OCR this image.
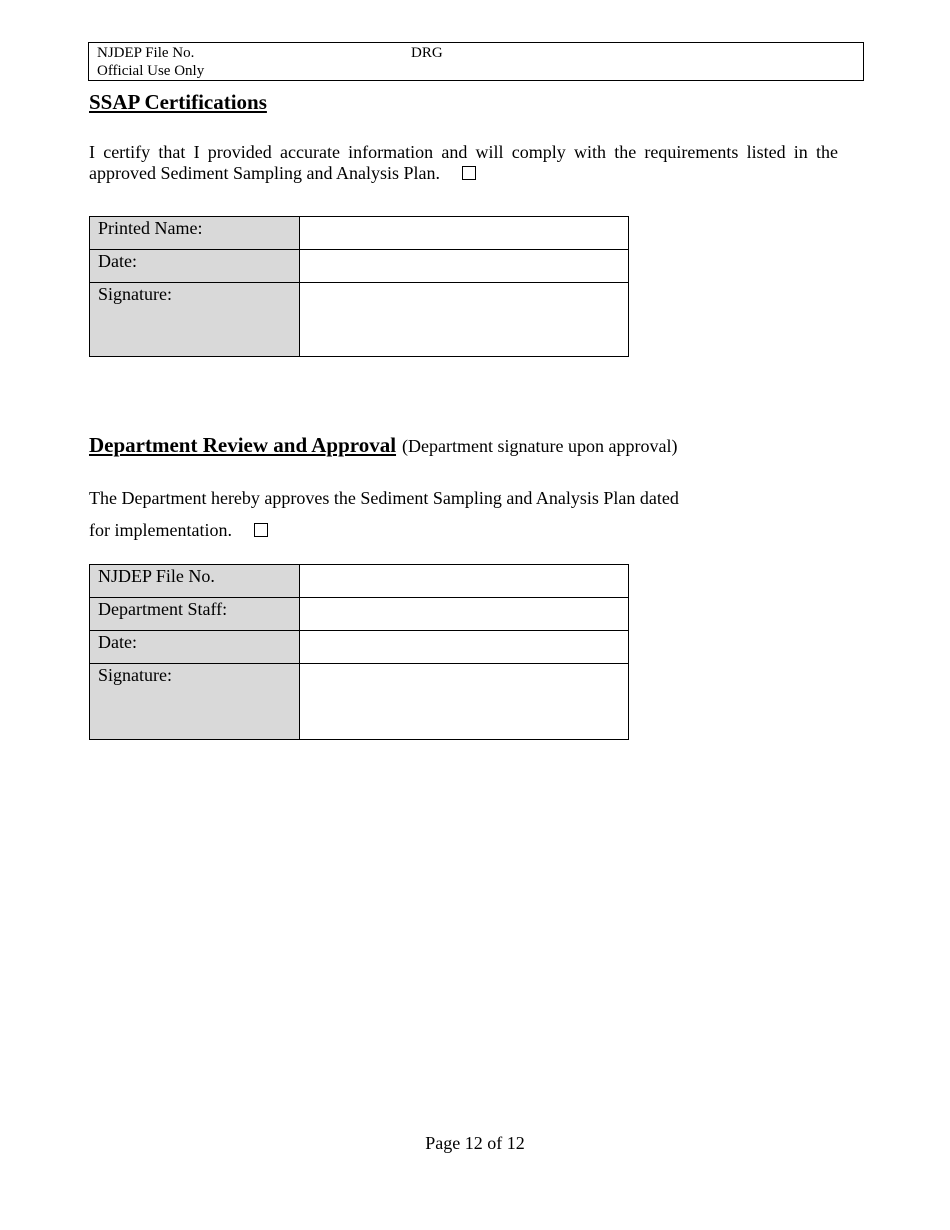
NJDEP File No.
Official Use Only
DRG
SSAP Certifications
I certify that I provided accurate information and will comply with the requirements listed in the approved Sediment Sampling and Analysis Plan.
Printed Name:	
Date:	
Signature:	
Department Review and Approval (Department signature upon approval)
The Department hereby approves the Sediment Sampling and Analysis Plan dated
for implementation.
NJDEP File No.	
Department Staff:	
Date:	
Signature:	
Page 12 of 12
